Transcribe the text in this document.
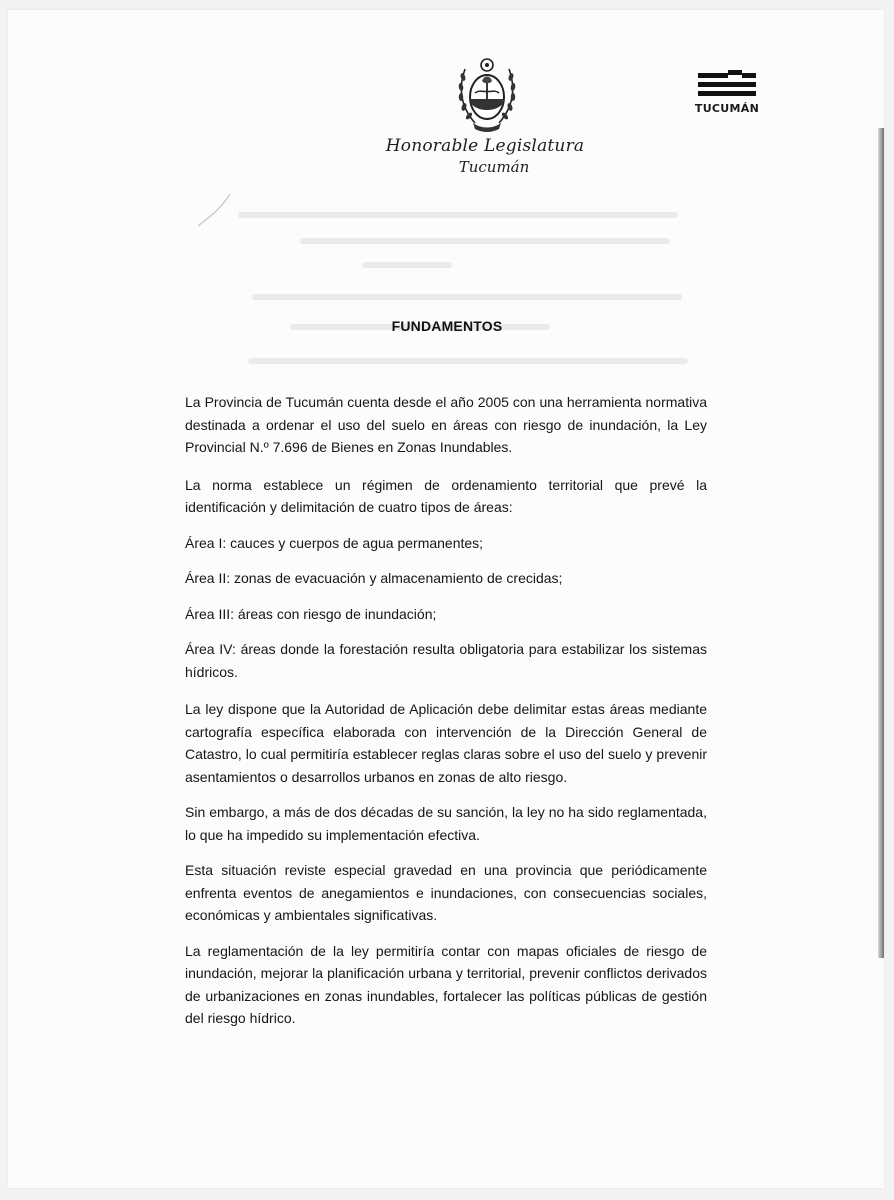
Honorable Legislatura
Tucumán
TUCUMÁN
FUNDAMENTOS

La Provincia de Tucumán cuenta desde el año 2005 con una herramienta normativa destinada a ordenar el uso del suelo en áreas con riesgo de inundación, la Ley Provincial N.º 7.696 de Bienes en Zonas Inundables.

La norma establece un régimen de ordenamiento territorial que prevé la identificación y delimitación de cuatro tipos de áreas:

Área I: cauces y cuerpos de agua permanentes;

Área II: zonas de evacuación y almacenamiento de crecidas;

Área III: áreas con riesgo de inundación;

Área IV: áreas donde la forestación resulta obligatoria para estabilizar los sistemas hídricos.

La ley dispone que la Autoridad de Aplicación debe delimitar estas áreas mediante cartografía específica elaborada con intervención de la Dirección General de Catastro, lo cual permitiría establecer reglas claras sobre el uso del suelo y prevenir asentamientos o desarrollos urbanos en zonas de alto riesgo.

Sin embargo, a más de dos décadas de su sanción, la ley no ha sido reglamentada, lo que ha impedido su implementación efectiva.

Esta situación reviste especial gravedad en una provincia que periódicamente enfrenta eventos de anegamientos e inundaciones, con consecuencias sociales, económicas y ambientales significativas.

La reglamentación de la ley permitiría contar con mapas oficiales de riesgo de inundación, mejorar la planificación urbana y territorial, prevenir conflictos derivados de urbanizaciones en zonas inundables, fortalecer las políticas públicas de gestión del riesgo hídrico.
